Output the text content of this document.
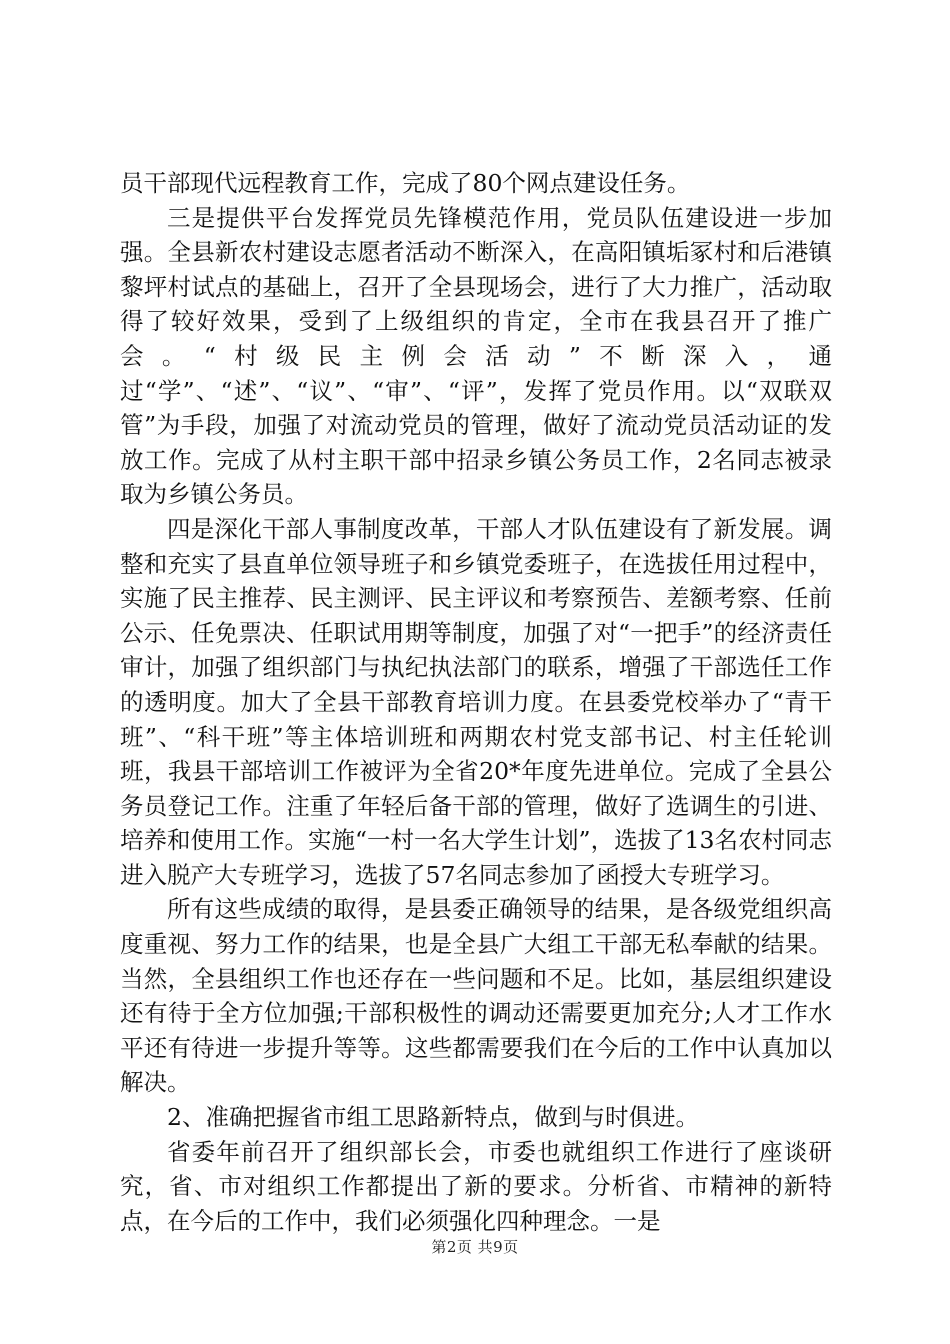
员干部现代远程教育工作，完成了80个网点建设任务。

三是提供平台发挥党员先锋模范作用，党员队伍建设进一步加强。全县新农村建设志愿者活动不断深入，在高阳镇垢冢村和后港镇黎坪村试点的基础上，召开了全县现场会，进行了大力推广，活动取得了较好效果，受到了上级组织的肯定，全市在我县召开了推广会。“村级民主例会活动”不断深入，通过“学”、“述”、“议”、“审”、“评”，发挥了党员作用。以“双联双管”为手段，加强了对流动党员的管理，做好了流动党员活动证的发放工作。完成了从村主职干部中招录乡镇公务员工作，2名同志被录取为乡镇公务员。

四是深化干部人事制度改革，干部人才队伍建设有了新发展。调整和充实了县直单位领导班子和乡镇党委班子，在选拔任用过程中，实施了民主推荐、民主测评、民主评议和考察预告、差额考察、任前公示、任免票决、任职试用期等制度，加强了对“一把手”的经济责任审计，加强了组织部门与执纪执法部门的联系，增强了干部选任工作的透明度。加大了全县干部教育培训力度。在县委党校举办了“青干班”、“科干班”等主体培训班和两期农村党支部书记、村主任轮训班，我县干部培训工作被评为全省20*年度先进单位。完成了全县公务员登记工作。注重了年轻后备干部的管理，做好了选调生的引进、培养和使用工作。实施“一村一名大学生计划”，选拔了13名农村同志进入脱产大专班学习，选拔了57名同志参加了函授大专班学习。

所有这些成绩的取得，是县委正确领导的结果，是各级党组织高度重视、努力工作的结果，也是全县广大组工干部无私奉献的结果。当然，全县组织工作也还存在一些问题和不足。比如，基层组织建设还有待于全方位加强;干部积极性的调动还需要更加充分;人才工作水平还有待进一步提升等等。这些都需要我们在今后的工作中认真加以解决。

2、准确把握省市组工思路新特点，做到与时俱进。

省委年前召开了组织部长会，市委也就组织工作进行了座谈研究，省、市对组织工作都提出了新的要求。分析省、市精神的新特点，在今后的工作中，我们必须强化四种理念。一是

第2页 共9页
